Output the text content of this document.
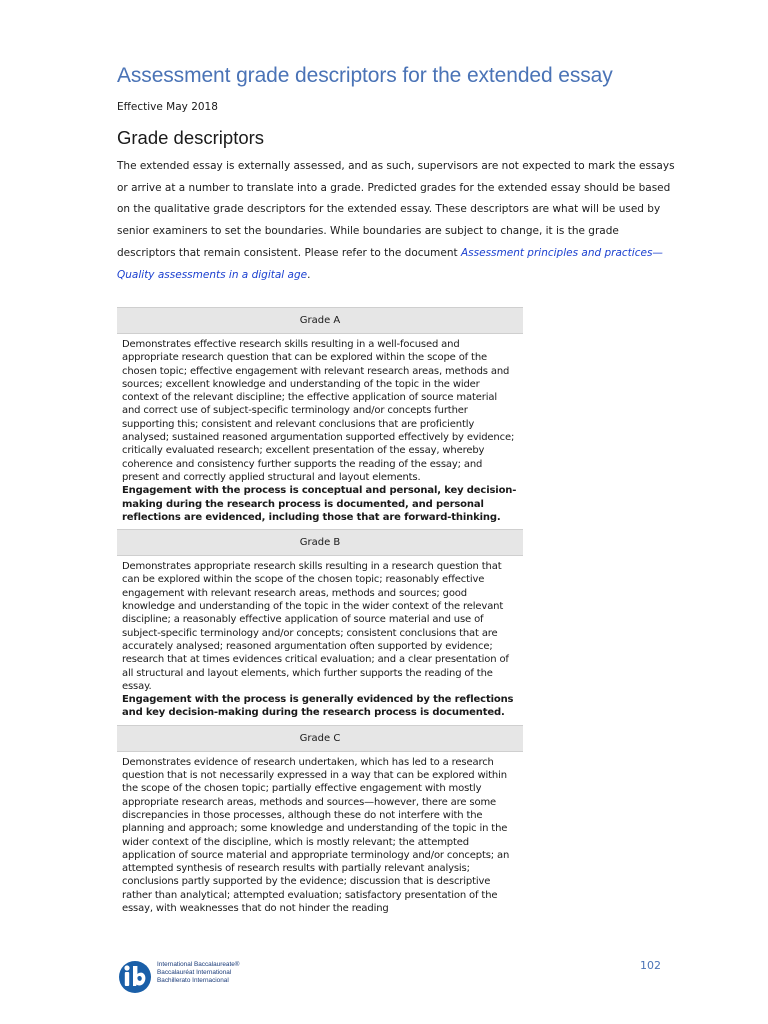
Assessment grade descriptors for the extended essay
Effective May 2018
Grade descriptors

The extended essay is externally assessed, and as such, supervisors are not expected to mark the essays or arrive at a number to translate into a grade. Predicted grades for the extended essay should be based on the qualitative grade descriptors for the extended essay. These descriptors are what will be used by senior examiners to set the boundaries. While boundaries are subject to change, it is the grade descriptors that remain consistent. Please refer to the document Assessment principles and practices—Quality assessments in a digital age.

Grade A
Demonstrates effective research skills resulting in a well-focused and appropriate research question that can be explored within the scope of the chosen topic; effective engagement with relevant research areas, methods and sources; excellent knowledge and understanding of the topic in the wider context of the relevant discipline; the effective application of source material and correct use of subject-specific terminology and/or concepts further supporting this; consistent and relevant conclusions that are proficiently analysed; sustained reasoned argumentation supported effectively by evidence; critically evaluated research; excellent presentation of the essay, whereby coherence and consistency further supports the reading of the essay; and present and correctly applied structural and layout elements.
Engagement with the process is conceptual and personal, key decision-making during the research process is documented, and personal reflections are evidenced, including those that are forward-thinking.
Grade B
Demonstrates appropriate research skills resulting in a research question that can be explored within the scope of the chosen topic; reasonably effective engagement with relevant research areas, methods and sources; good knowledge and understanding of the topic in the wider context of the relevant discipline; a reasonably effective application of source material and use of subject-specific terminology and/or concepts; consistent conclusions that are accurately analysed; reasoned argumentation often supported by evidence; research that at times evidences critical evaluation; and a clear presentation of all structural and layout elements, which further supports the reading of the essay.
Engagement with the process is generally evidenced by the reflections and key decision-making during the research process is documented.
Grade C
Demonstrates evidence of research undertaken, which has led to a research question that is not necessarily expressed in a way that can be explored within the scope of the chosen topic; partially effective engagement with mostly appropriate research areas, methods and sources—however, there are some discrepancies in those processes, although these do not interfere with the planning and approach; some knowledge and understanding of the topic in the wider context of the discipline, which is mostly relevant; the attempted application of source material and appropriate terminology and/or concepts; an attempted synthesis of research results with partially relevant analysis; conclusions partly supported by the evidence; discussion that is descriptive rather than analytical; attempted evaluation; satisfactory presentation of the essay, with weaknesses that do not hinder the reading
International Baccalaureate®
Baccalauréat International
Bachillerato Internacional
102
